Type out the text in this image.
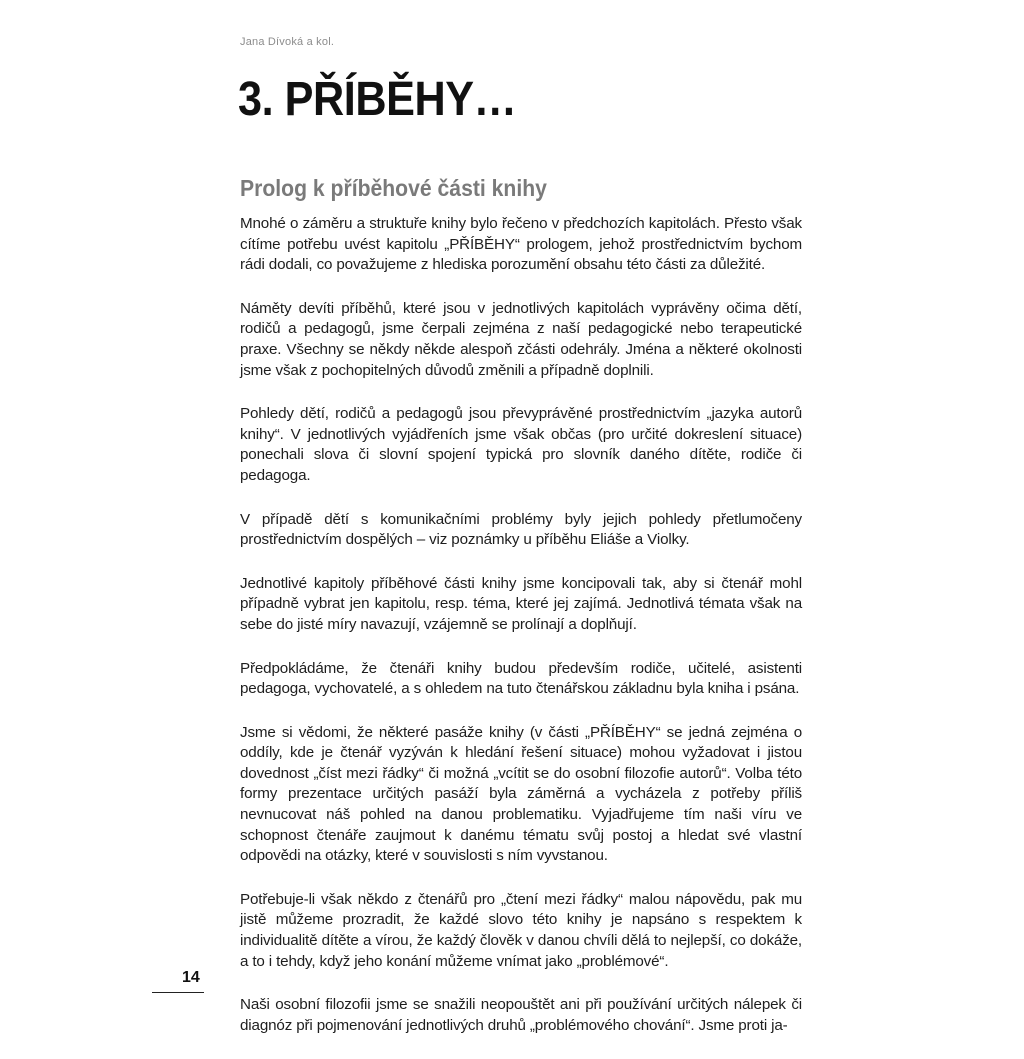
Jana Dívoká a kol.
3. PŘÍBĚHY…
Prolog k příběhové části knihy

Mnohé o záměru a struktuře knihy bylo řečeno v předchozích kapitolách. Přesto však cítíme potřebu uvést kapitolu „PŘÍBĚHY“ prologem, jehož prostřednictvím bychom rádi dodali, co považujeme z hlediska porozumění obsahu této části za důležité.

Náměty devíti příběhů, které jsou v jednotlivých kapitolách vyprávěny očima dětí, rodičů a pedagogů, jsme čerpali zejména z naší pedagogické nebo terapeutické praxe. Všechny se někdy někde alespoň zčásti odehrály. Jména a některé okolnosti jsme však z pochopitelných důvodů změnili a případně doplnili.

Pohledy dětí, rodičů a pedagogů jsou převyprávěné prostřednictvím „jazyka autorů knihy“. V jednotlivých vyjádřeních jsme však občas (pro určité dokreslení situace) ponechali slova či slovní spojení typická pro slovník daného dítěte, rodiče či pedagoga.

V případě dětí s komunikačními problémy byly jejich pohledy přetlumočeny prostřednictvím dospělých – viz poznámky u příběhu Eliáše a Violky.

Jednotlivé kapitoly příběhové části knihy jsme koncipovali tak, aby si čtenář mohl případně vybrat jen kapitolu, resp. téma, které jej zajímá. Jednotlivá témata však na sebe do jisté míry navazují, vzájemně se prolínají a doplňují.

Předpokládáme, že čtenáři knihy budou především rodiče, učitelé, asistenti pedagoga, vychovatelé, a s ohledem na tuto čtenářskou základnu byla kniha i psána.

Jsme si vědomi, že některé pasáže knihy (v části „PŘÍBĚHY“ se jedná zejména o oddíly, kde je čtenář vyzýván k hledání řešení situace) mohou vyžadovat i jistou dovednost „číst mezi řádky“ či možná „vcítit se do osobní filozofie autorů“. Volba této formy prezentace určitých pasáží byla záměrná a vycházela z potřeby příliš nevnucovat náš pohled na danou problematiku. Vyjadřujeme tím naši víru ve schopnost čtenáře zaujmout k danému tématu svůj postoj a hledat své vlastní odpovědi na otázky, které v souvislosti s ním vyvstanou.

Potřebuje-li však někdo z čtenářů pro „čtení mezi řádky“ malou nápovědu, pak mu jistě můžeme prozradit, že každé slovo této knihy je napsáno s respektem k individualitě dítěte a vírou, že každý člověk v danou chvíli dělá to nejlepší, co dokáže, a to i tehdy, když jeho konání můžeme vnímat jako „problémové“.

Naši osobní filozofii jsme se snažili neopouštět ani při používání určitých nálepek či diagnóz při pojmenování jednotlivých druhů „problémového chování“. Jsme proti ja-

14
